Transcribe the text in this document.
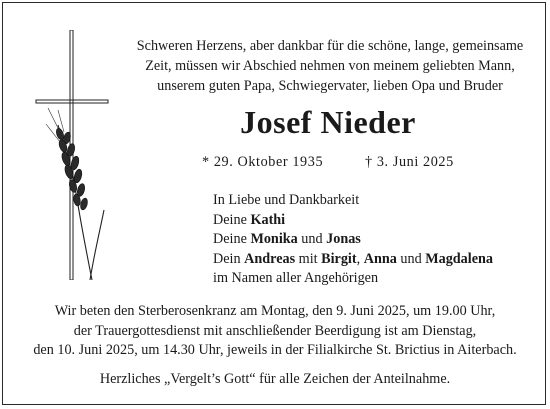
Schweren Herzens, aber dankbar für die schöne, lange, gemeinsame
Zeit, müssen wir Abschied nehmen von meinem geliebten Mann,
unserem guten Papa, Schwiegervater, lieben Opa und Bruder
Josef Nieder
* 29. Oktober 1935	† 3. Juni 2025
In Liebe und Dankbarkeit
Deine Kathi
Deine Monika und Jonas
Dein Andreas mit Birgit, Anna und Magdalena
im Namen aller Angehörigen
Wir beten den Sterberosenkranz am Montag, den 9. Juni 2025, um 19.00 Uhr,
der Trauergottesdienst mit anschließender Beerdigung ist am Dienstag,
den 10. Juni 2025, um 14.30 Uhr, jeweils in der Filialkirche St. Brictius in Aiterbach.
Herzliches „Vergelt’s Gott“ für alle Zeichen der Anteilnahme.
